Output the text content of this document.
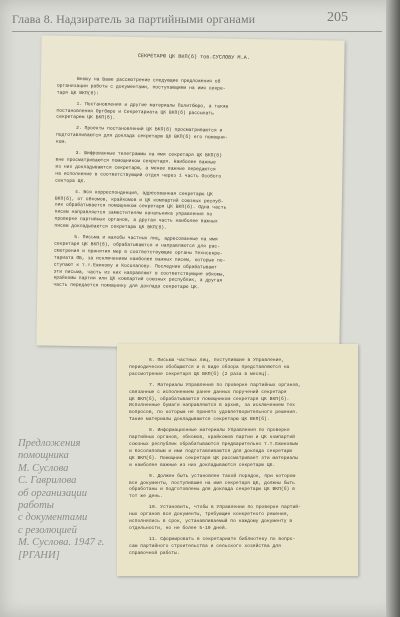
Глава 8. Надзиратель за партийными органами	205
СЕКРЕТАРЮ ЦК ВКП(б) тов.СУСЛОВУ М.А.

Вношу на Ваше рассмотрение следующие предложения об
организации работы с документами, поступающими на имя секре-
таря ЦК ВКП(б):

1. Постановления и другие материалы Политбюро, а также
постановления Оргбюро и Секретариата ЦК ВКП(б) рассылать
секретарем ЦК ВКП(б).

2. Проекты постановлений ЦК ВКП(б) просматриваются и
подготавливаются для доклада секретарю ЦК ВКП(б) его помощни-
ком.

3. Шифрованные телеграммы на имя секретаря ЦК ВКП(б)
вне просматриваются помощником секретаря. Наиболее важные
из них докладываются секретарю, а менее важные передаются
на исполнение в соответствующий отдел через 1 часть Особого
сектора ЦК.

4. Вся корреспонденция, адресованная секретарю ЦК
ВКП(б), от обкомов, крайкомов и ЦК компартий союзных респуб-
лик обрабатывается помощником секретаря ЦК ВКП(б). Одна часть
писем направляется заместителям начальника управления по
проверке партийных органов, а другая часть наиболее важных
писем докладывается секретарю ЦК ВКП(б).

5. Письма и жалобы частных лиц, адресованные на имя
секретаря ЦК ВКП(б), обрабатываются и направляются для рас-
смотрения и принятия мер в соответствующие органы Технсекре-
тариата ОБ, за исключением наиболее важных писем, которые по-
ступают к т.т.Ежикову и Косолапову. Последние обрабатывают
эти письма, часть из них направляют в соответствующие обкомы,
крайкомы партии или ЦК компартий союзных республик, а другая
часть передается помощнику для доклада секретарю ЦК.

6. Письма частных лиц, поступившие в Управление,
периодически обобщаются и в виде обзора представляются на
рассмотрение секретаря ЦК ВКП(б) (2 раза в месяц).

7. Материалы Управления по проверке партийных органов,
связанные с исполнением ранее данных поручений секретаря
ЦК ВКП(б), обрабатываются помощником секретаря ЦК ВКП(б).
Исполненные бумаги направляются в архив, за исключением тех
вопросов, по которым не принято удовлетворительного решения.
Такие материалы докладываются секретарю ЦК ВКП(б).

8. Информационные материалы Управления по проверке
партийных органов, обкомов, крайкомов партии и ЦК компартий
союзных республик обрабатываются предварительно т.т.Ежиковым
и Косолаповым и ими подготавливаются для доклада секретарю
ЦК ВКП(б). Помощник секретаря ЦК рассматривает эти материалы
и наиболее важные из них докладываются секретарю ЦК.

9. Должен быть установлен такой порядок, при котором
все документы, поступившие на имя секретаря ЦК, должны быть
обработаны и подготовлены для доклада секретарю ЦК ВКП(б) в
тот же день.

10. Установить, чтобы в Управлении по проверке партий-
ных органов все документы, требующие конкретного решения,
исполнялись в срок, устанавливаемый по каждому документу в
отдельности, но не более 5-10 дней.

11. Сформировать в секретариате библиотеку по вопро-
сам партийного строительства и сельского хозяйства для
справочной работы.

Предложения
помощника
М. Суслова
С. Гаврилова
об организации
работы
с документами
с резолюцией
М. Суслова. 1947 г.
[РГАНИ]
